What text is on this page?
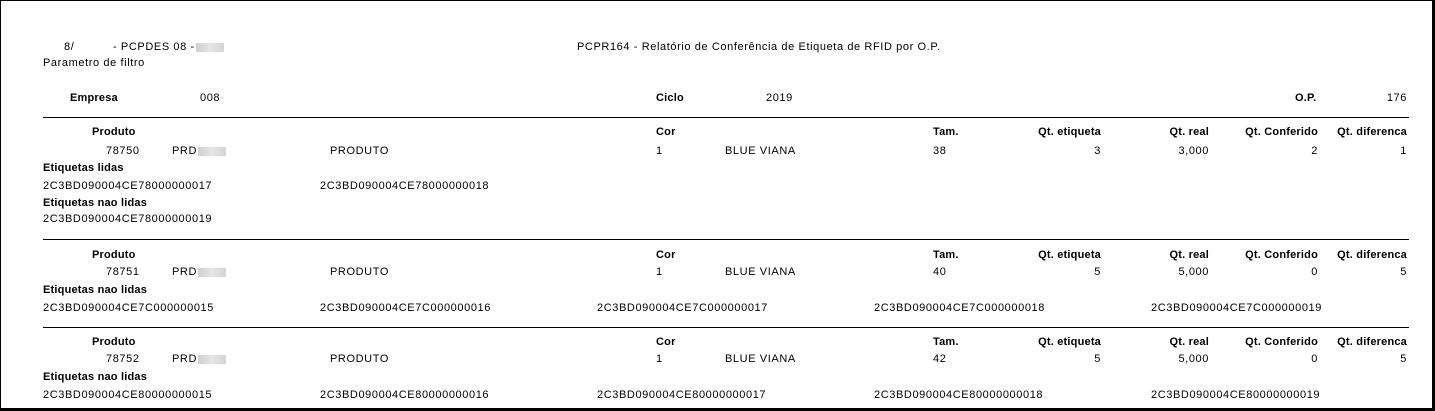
8/	- PCPDES 08 -	PCPR164 - Relatório de Conferência de Etiqueta de RFID por O.P.
Parametro de filtro
Empresa	008	Ciclo	2019	O.P.	176
Produto	Cor	Tam.	Qt. etiqueta	Qt. real	Qt. Conferido	Qt. diferenca
78750	PRD	PRODUTO	1	BLUE VIANA	38	3	3,000	2	1
Etiquetas lidas
2C3BD090004CE78000000017	2C3BD090004CE78000000018
Etiquetas nao lidas
2C3BD090004CE78000000019
Produto	Cor	Tam.	Qt. etiqueta	Qt. real	Qt. Conferido	Qt. diferenca
78751	PRD	PRODUTO	1	BLUE VIANA	40	5	5,000	0	5
Etiquetas nao lidas
2C3BD090004CE7C000000015	2C3BD090004CE7C000000016	2C3BD090004CE7C000000017	2C3BD090004CE7C000000018	2C3BD090004CE7C000000019
Produto	Cor	Tam.	Qt. etiqueta	Qt. real	Qt. Conferido	Qt. diferenca
78752	PRD	PRODUTO	1	BLUE VIANA	42	5	5,000	0	5
Etiquetas nao lidas
2C3BD090004CE80000000015	2C3BD090004CE80000000016	2C3BD090004CE80000000017	2C3BD090004CE80000000018	2C3BD090004CE80000000019
